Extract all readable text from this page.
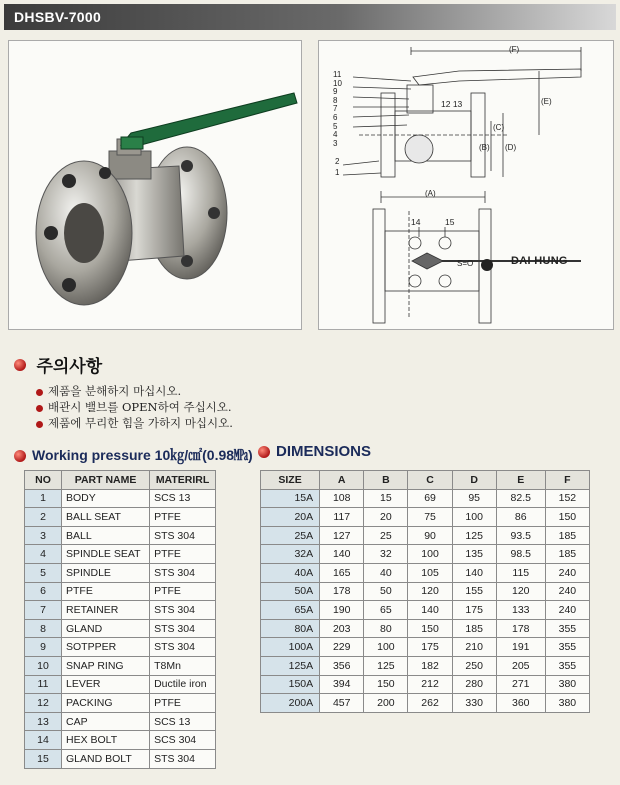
DHSBV-7000
11
10
9
8
7
6
5
4
3
2
1
12 13
(F)
(E)
(C)
(B) (D)
(A)
14	15
S=O	DAI HUNG
주의사항
제품을 분해하지 마십시오.
배관시 밸브를 OPEN하여 주십시오.
제품에 무리한 힘을 가하지 마십시오.
Working pressure 10㎏/㎠(0.98㎫)	DIMENSIONS
NO	PART NAME	MATERIRL
1	BODY	SCS 13
2	BALL SEAT	PTFE
3	BALL	STS 304
4	SPINDLE SEAT	PTFE
5	SPINDLE	STS 304
6	PTFE	PTFE
7	RETAINER	STS 304
8	GLAND	STS 304
9	SOTPPER	STS 304
10	SNAP RING	T8Mn
11	LEVER	Ductile iron
12	PACKING	PTFE
13	CAP	SCS 13
14	HEX BOLT	SCS 304
15	GLAND BOLT	STS 304
SIZE	A	B	C	D	E	F
15A	108	15	69	95	82.5	152
20A	117	20	75	100	86	150
25A	127	25	90	125	93.5	185
32A	140	32	100	135	98.5	185
40A	165	40	105	140	115	240
50A	178	50	120	155	120	240
65A	190	65	140	175	133	240
80A	203	80	150	185	178	355
100A	229	100	175	210	191	355
125A	356	125	182	250	205	355
150A	394	150	212	280	271	380
200A	457	200	262	330	360	380
